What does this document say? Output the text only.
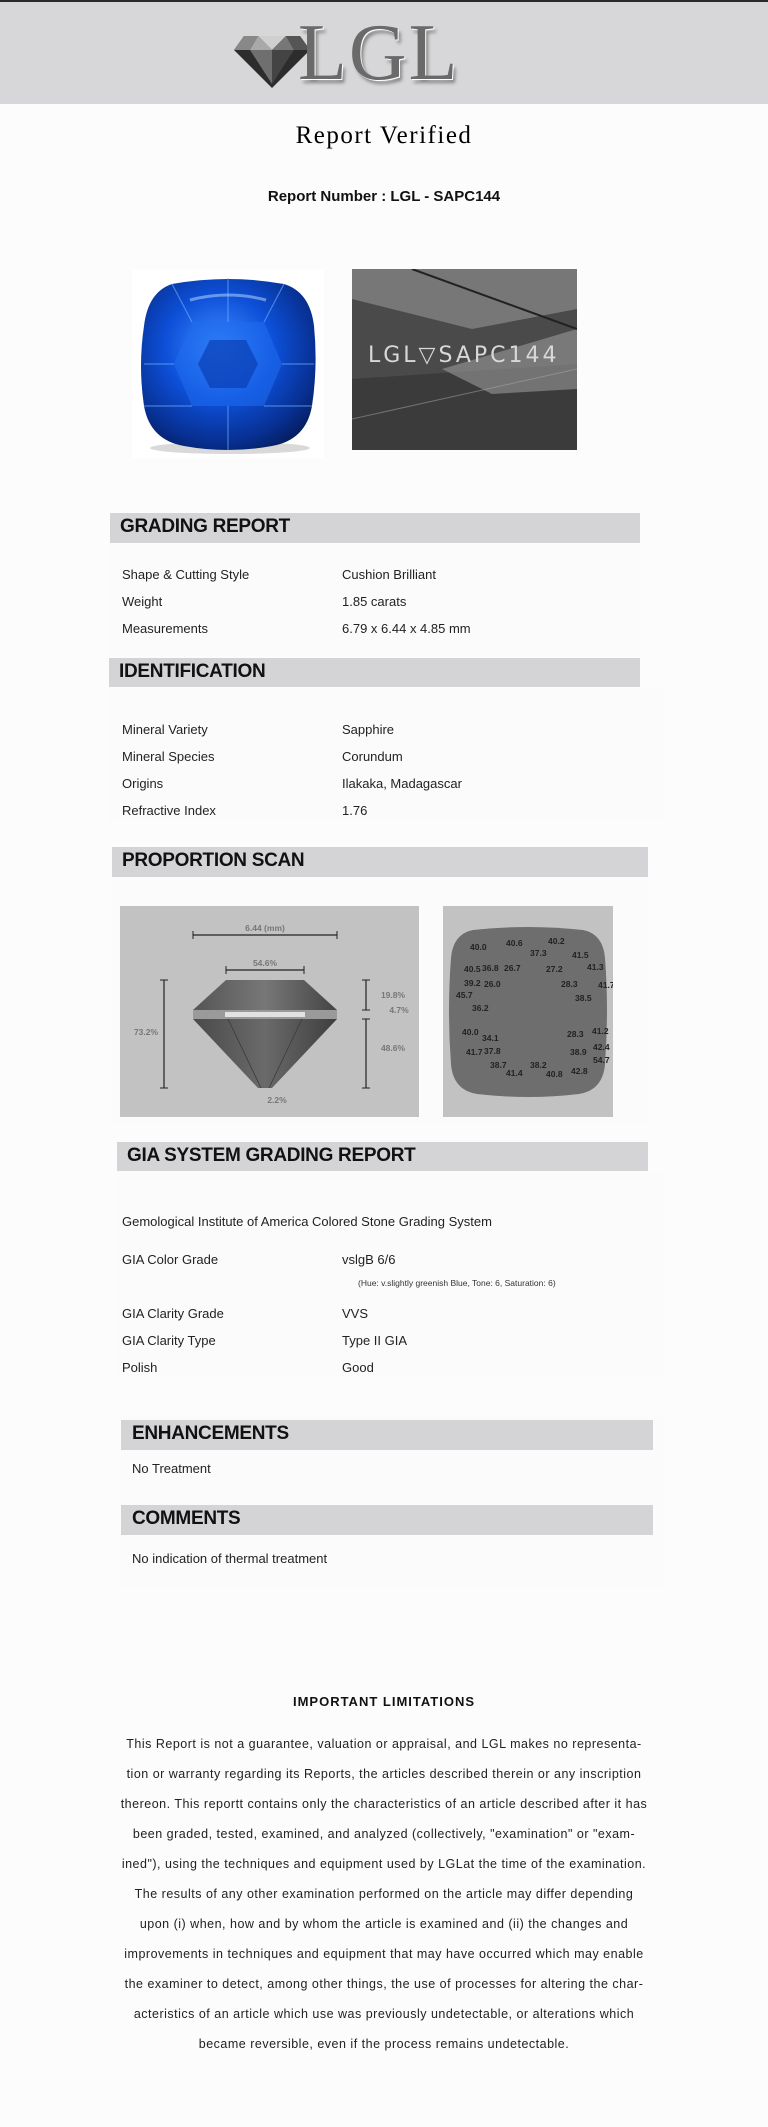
LGL
Report Verified
Report Number : LGL - SAPC144
LGL▽SAPC144
GRADING REPORT
Shape & Cutting Style	Cushion Brilliant
Weight	1.85 carats
Measurements	6.79 x 6.44 x 4.85 mm
IDENTIFICATION
Mineral Variety	Sapphire
Mineral Species	Corundum
Origins	Ilakaka, Madagascar
Refractive Index	1.76
PROPORTION SCAN
6.44 (mm)
54.6%
73.2%
19.8%
4.7%
48.6%
2.2%
40.0 40.6	40.2
37.3	41.5
40.5 36.8 26.7	27.2	41.3
39.2 26.0	28.3 41.7
45.7	38.5
36.2
40.0	41.2
28.3
34.1
42.4
41.7 37.8	38.9
54.7
38.7	38.2
41.4	40.8 42.8
GIA SYSTEM GRADING REPORT
Gemological Institute of America Colored Stone Grading System
GIA Color Grade	vslgB 6/6
(Hue: v.slightly greenish Blue, Tone: 6, Saturation: 6)
GIA Clarity Grade	VVS
GIA Clarity Type	Type II GIA
Polish	Good
ENHANCEMENTS
No Treatment
COMMENTS
No indication of thermal treatment
IMPORTANT LIMITATIONS
This Report is not a guarantee, valuation or appraisal, and LGL makes no representa-
tion or warranty regarding its Reports, the articles described therein or any inscription
thereon. This reportt contains only the characteristics of an article described after it has
been graded, tested, examined, and analyzed (collectively, "examination" or "exam-
ined"), using the techniques and equipment used by LGLat the time of the examination.
The results of any other examination performed on the article may differ depending
upon (i) when, how and by whom the article is examined and (ii) the changes and
improvements in techniques and equipment that may have occurred which may enable
the examiner to detect, among other things, the use of processes for altering the char-
acteristics of an article which use was previously undetectable, or alterations which
became reversible, even if the process remains undetectable.
